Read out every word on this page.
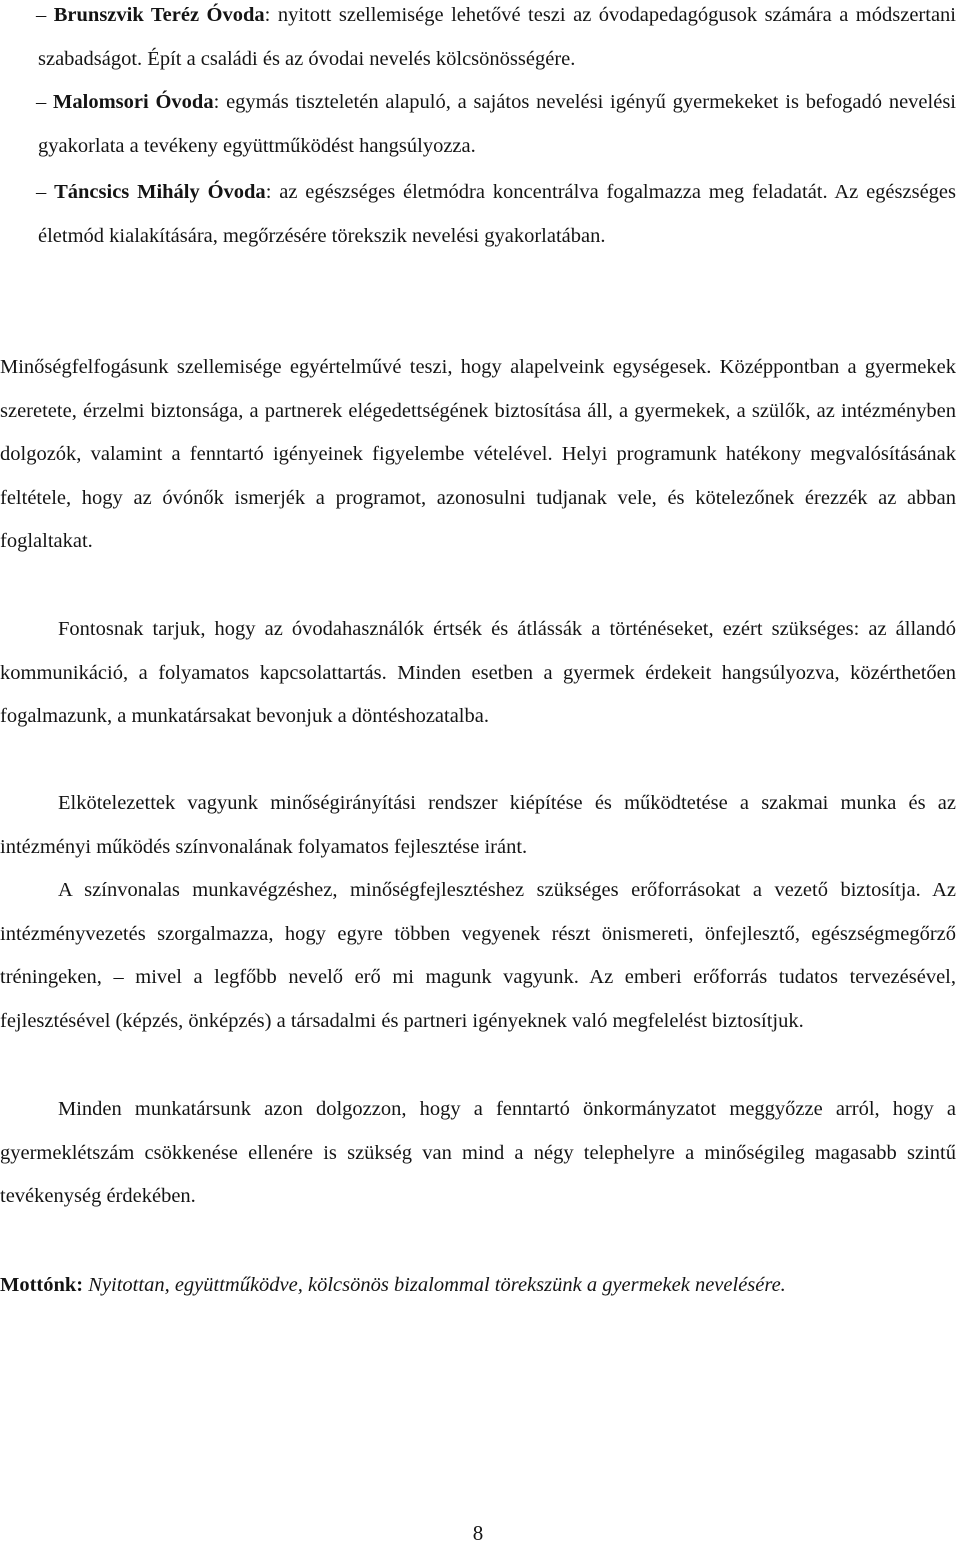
– Brunszvik Teréz Óvoda: nyitott szellemisége lehetővé teszi az óvodapedagógusok számára a módszertani szabadságot. Épít a családi és az óvodai nevelés kölcsönösségére.

– Malomsori Óvoda: egymás tiszteletén alapuló, a sajátos nevelési igényű gyermekeket is befogadó nevelési gyakorlata a tevékeny együttműködést hangsúlyozza.

– Táncsics Mihály Óvoda: az egészséges életmódra koncentrálva fogalmazza meg feladatát. Az egészséges életmód kialakítására, megőrzésére törekszik nevelési gyakorlatában.

Minőségfelfogásunk szellemisége egyértelművé teszi, hogy alapelveink egységesek. Középpontban a gyermekek szeretete, érzelmi biztonsága, a partnerek elégedettségének biztosítása áll, a gyermekek, a szülők, az intézményben dolgozók, valamint a fenntartó igényeinek figyelembe vételével. Helyi programunk hatékony megvalósításának feltétele, hogy az óvónők ismerjék a programot, azonosulni tudjanak vele, és kötelezőnek érezzék az abban foglaltakat.

Fontosnak tarjuk, hogy az óvodahasználók értsék és átlássák a történéseket, ezért szükséges: az állandó kommunikáció, a folyamatos kapcsolattartás. Minden esetben a gyermek érdekeit hangsúlyozva, közérthetően fogalmazunk, a munkatársakat bevonjuk a döntéshozatalba.

Elkötelezettek vagyunk minőségirányítási rendszer kiépítése és működtetése a szakmai munka és az intézményi működés színvonalának folyamatos fejlesztése iránt.

A színvonalas munkavégzéshez, minőségfejlesztéshez szükséges erőforrásokat a vezető biztosítja. Az intézményvezetés szorgalmazza, hogy egyre többen vegyenek részt önismereti, önfejlesztő, egészségmegőrző tréningeken, – mivel a legfőbb nevelő erő mi magunk vagyunk. Az emberi erőforrás tudatos tervezésével, fejlesztésével (képzés, önképzés) a társadalmi és partneri igényeknek való megfelelést biztosítjuk.

Minden munkatársunk azon dolgozzon, hogy a fenntartó önkormányzatot meggyőzze arról, hogy a gyermeklétszám csökkenése ellenére is szükség van mind a négy telephelyre a minőségileg magasabb szintű tevékenység érdekében.

Mottónk: Nyitottan, együttműködve, kölcsönös bizalommal törekszünk a gyermekek nevelésére.

8
